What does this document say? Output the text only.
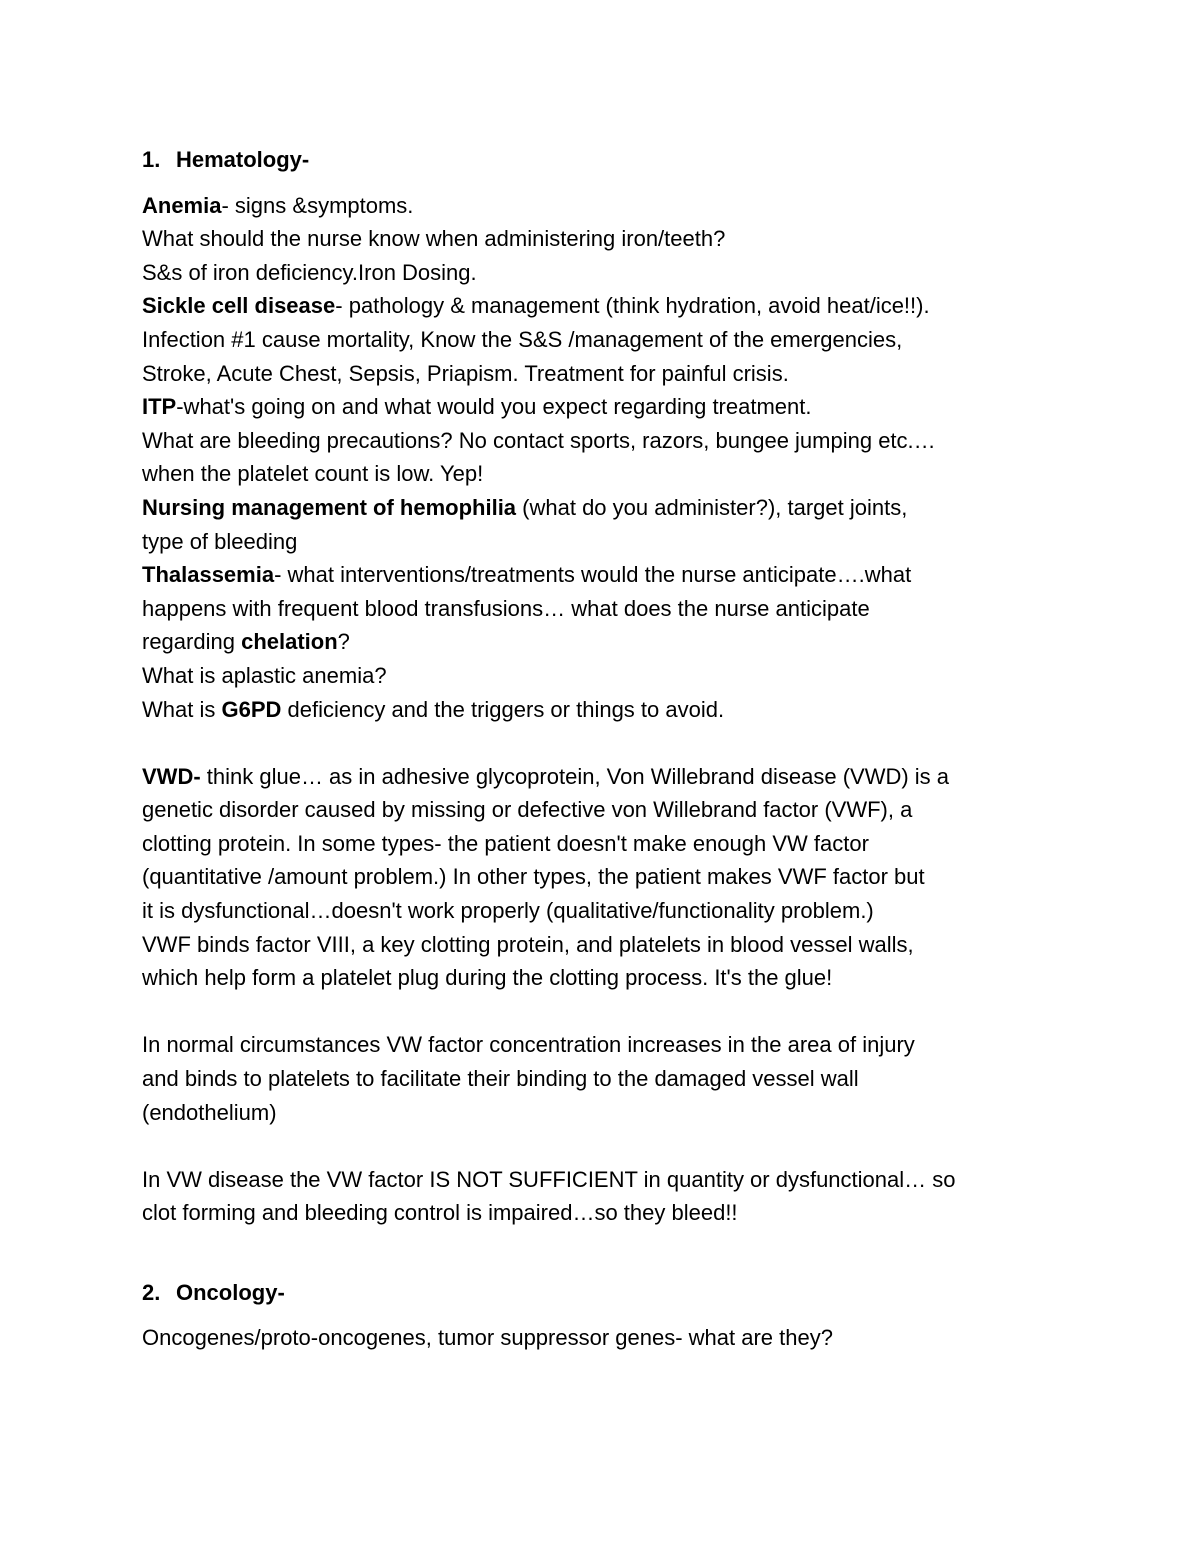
1. Hematology-
Anemia- signs &symptoms.
What should the nurse know when administering iron/teeth?
S&s of iron deficiency.Iron Dosing.
Sickle cell disease- pathology & management (think hydration, avoid heat/ice!!).
Infection #1 cause mortality, Know the S&S /management of the emergencies,
Stroke, Acute Chest, Sepsis, Priapism. Treatment for painful crisis.
ITP-what's going on and what would you expect regarding treatment.
What are bleeding precautions? No contact sports, razors, bungee jumping etc.…
when the platelet count is low. Yep!
Nursing management of hemophilia (what do you administer?), target joints,
type of bleeding
Thalassemia- what interventions/treatments would the nurse anticipate….what
happens with frequent blood transfusions… what does the nurse anticipate
regarding chelation?
What is aplastic anemia?
What is G6PD deficiency and the triggers or things to avoid.
VWD- think glue… as in adhesive glycoprotein, Von Willebrand disease (VWD) is a
genetic disorder caused by missing or defective von Willebrand factor (VWF), a
clotting protein. In some types- the patient doesn't make enough VW factor
(quantitative /amount problem.) In other types, the patient makes VWF factor but
it is dysfunctional…doesn't work properly (qualitative/functionality problem.)
VWF binds factor VIII, a key clotting protein, and platelets in blood vessel walls,
which help form a platelet plug during the clotting process. It's the glue!
In normal circumstances VW factor concentration increases in the area of injury
and binds to platelets to facilitate their binding to the damaged vessel wall
(endothelium)
In VW disease the VW factor IS NOT SUFFICIENT in quantity or dysfunctional… so
clot forming and bleeding control is impaired…so they bleed!!
2. Oncology-
Oncogenes/proto-oncogenes, tumor suppressor genes- what are they?
